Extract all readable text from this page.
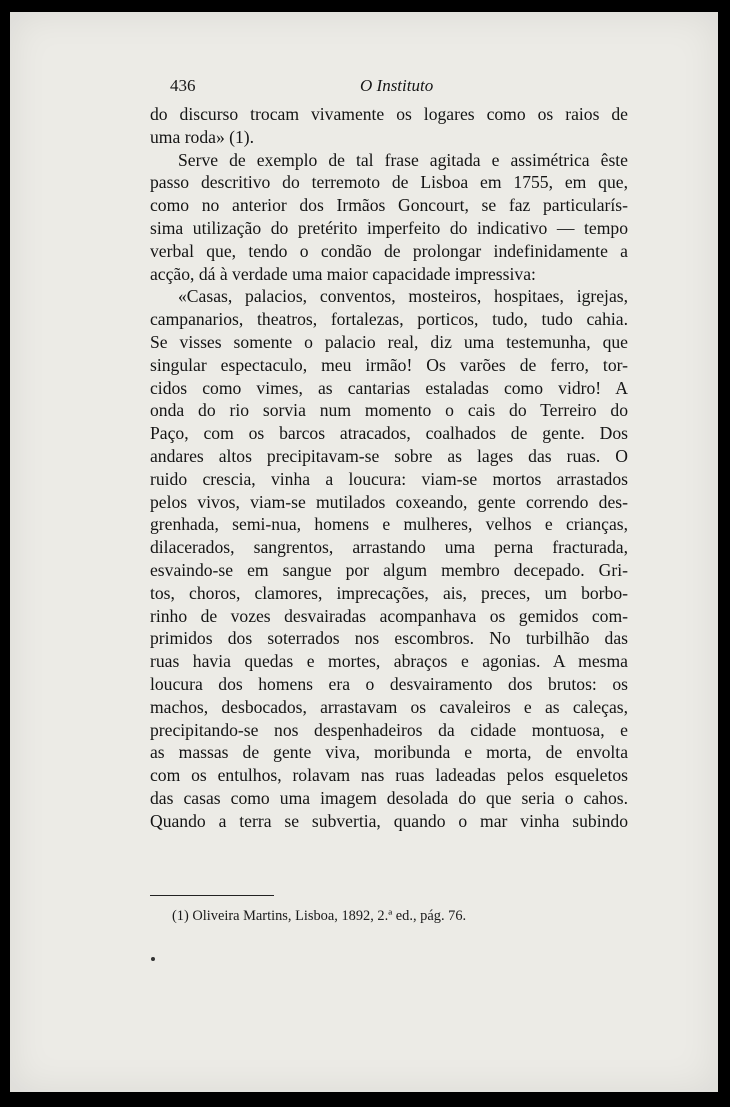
436	O Instituto
do discurso trocam vivamente os logares como os raios de
uma roda» (1).
Serve de exemplo de tal frase agitada e assimétrica êste
passo descritivo do terremoto de Lisboa em 1755, em que,
como no anterior dos Irmãos Goncourt, se faz particularís-
sima utilização do pretérito imperfeito do indicativo — tempo
verbal que, tendo o condão de prolongar indefinidamente a
acção, dá à verdade uma maior capacidade impressiva:
«Casas, palacios, conventos, mosteiros, hospitaes, igrejas,
campanarios, theatros, fortalezas, porticos, tudo, tudo cahia.
Se visses somente o palacio real, diz uma testemunha, que
singular espectaculo, meu irmão! Os varões de ferro, tor-
cidos como vimes, as cantarias estaladas como vidro! A
onda do rio sorvia num momento o cais do Terreiro do
Paço, com os barcos atracados, coalhados de gente. Dos
andares altos precipitavam-se sobre as lages das ruas. O
ruido crescia, vinha a loucura: viam-se mortos arrastados
pelos vivos, viam-se mutilados coxeando, gente correndo des-
grenhada, semi-nua, homens e mulheres, velhos e crianças,
dilacerados, sangrentos, arrastando uma perna fracturada,
esvaindo-se em sangue por algum membro decepado. Gri-
tos, choros, clamores, imprecações, ais, preces, um borbo-
rinho de vozes desvairadas acompanhava os gemidos com-
primidos dos soterrados nos escombros. No turbilhão das
ruas havia quedas e mortes, abraços e agonias. A mesma
loucura dos homens era o desvairamento dos brutos: os
machos, desbocados, arrastavam os cavaleiros e as caleças,
precipitando-se nos despenhadeiros da cidade montuosa, e
as massas de gente viva, moribunda e morta, de envolta
com os entulhos, rolavam nas ruas ladeadas pelos esqueletos
das casas como uma imagem desolada do que seria o cahos.
Quando a terra se subvertia, quando o mar vinha subindo
(1) Oliveira Martins, Lisboa, 1892, 2.ª ed., pág. 76.
